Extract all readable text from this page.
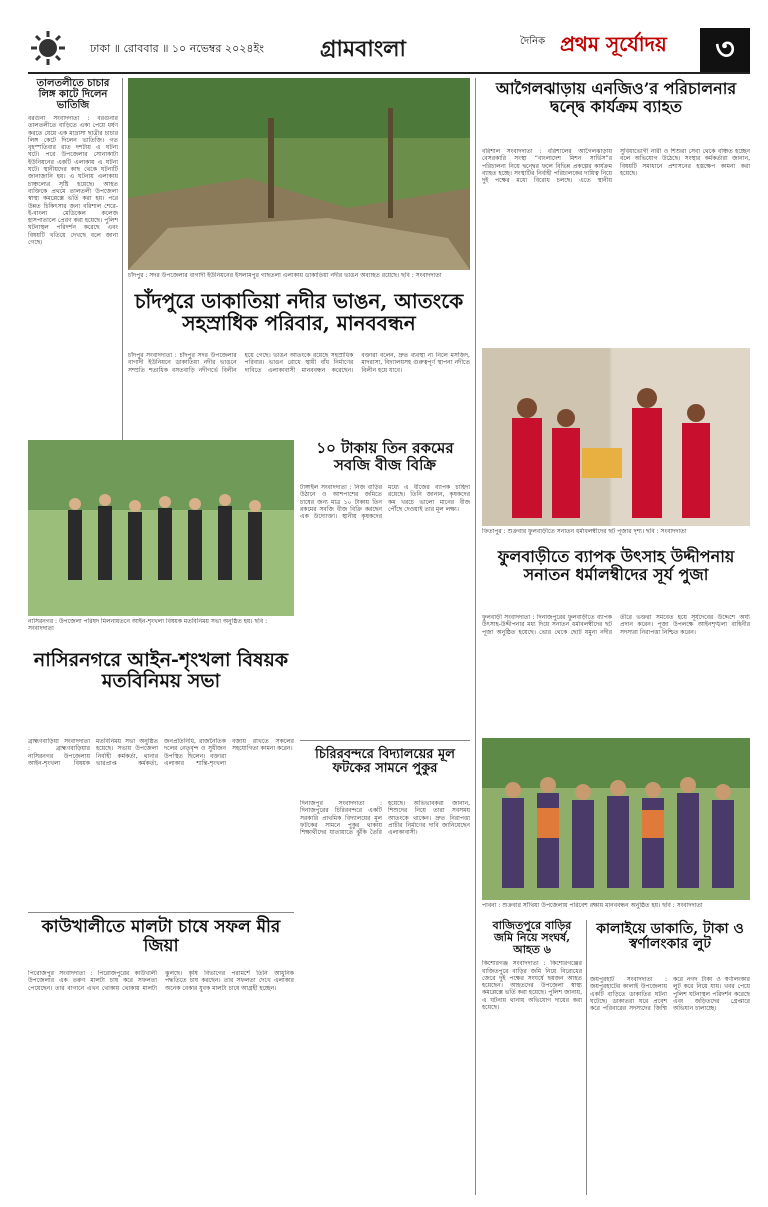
ঢাকা ॥ রোববার ॥ ১০ নভেম্বর ২০২৪ইং	গ্রামবাংলা	দৈনিক প্রথম সূর্যোদয়	৩
তালতলীতে চাচার লিঙ্গ কাটে দিলেন ভাতিজি
বরগুনা সংবাদদাতা : বরগুনার তালতলীতে বাড়িতে একা পেয়ে ধর্ষণ করতে যেয়ে এক মাদ্রাসা ছাত্রীর চাচার লিঙ্গ কেটে দিলেন ভাতিজি। গত বৃহস্পতিবার রাত দশটায় এ ঘটনা ঘটে। পরে উপজেলার সোনাকাটা ইউনিয়নের একটি এলাকায় এ ঘটনা ঘটে। স্থানীয়দের কাছ থেকে ঘটনাটি জানাজানি হয়। এ ঘটনায় এলাকায় চাঞ্চল্যের সৃষ্টি হয়েছে। আহত ব্যক্তিকে প্রথমে তালতলী উপজেলা স্বাস্থ্য কমপ্লেক্সে ভর্তি করা হয়। পরে উন্নত চিকিৎসার জন্য বরিশাল শেরে-ই-বাংলা মেডিকেল কলেজ হাসপাতালে প্রেরণ করা হয়েছে। পুলিশ ঘটনাস্থল পরিদর্শন করেছে এবং বিষয়টি খতিয়ে দেখছে বলে জানা গেছে।
চাঁদপুর : সদর উপজেলার বাগাদী ইউনিয়নের ইসলামপুর গাছতলা এলাকায় ডাকাতিয়া নদীর ভাঙন অব্যাহত রয়েছে। ছবি : সংবাদদাতা
চাঁদপুরে ডাকাতিয়া নদীর ভাঙন, আতংকে সহস্রাধিক পরিবার, মানববন্ধন
চাঁদপুর সংবাদদাতা : চাঁদপুর সদর উপজেলার বাগাদী ইউনিয়নে ডাকাতিয়া নদীর ভাঙনে সম্প্রতি শতাধিক বসতবাড়ি নদীগর্ভে বিলীন হয়ে গেছে। ভাঙন আতংকে রয়েছে সহস্রাধিক পরিবার। ভাঙন রোধে স্থায়ী বাঁধ নির্মাণের দাবিতে এলাকাবাসী মানববন্ধন করেছেন। বক্তারা বলেন, দ্রুত ব্যবস্থা না নিলে মসজিদ, মাদরাসা, বিদ্যালয়সহ গুরুত্বপূর্ণ স্থাপনা নদীতে বিলীন হয়ে যাবে।
১০ টাকায় তিন রকমের সবজি বীজ বিক্রি
টাঙ্গাইল সংবাদদাতা : নিজ বাড়ির উঠানে ও আশপাশের জমিতে চাষের জন্য মাত্র ১০ টাকায় তিন রকমের সবজি বীজ বিক্রি করছেন এক উদ্যোক্তা। স্থানীয় কৃষকদের মধ্যে এ বীজের ব্যাপক চাহিদা রয়েছে। তিনি জানান, কৃষকদের কম খরচে ভালো মানের বীজ পৌঁছে দেওয়াই তার মূল লক্ষ্য।
নাসিরনগর : উপজেলা পরিষদ মিলনায়তনে আইন-শৃংখলা বিষয়ক মতবিনিময় সভা অনুষ্ঠিত হয়। ছবি : সংবাদদাতা
নাসিরনগরে আইন-শৃংখলা বিষয়ক মতবিনিময় সভা
ব্রাহ্মণবাড়িয়া সংবাদদাতা : ব্রাহ্মণবাড়িয়ার নাসিরনগর উপজেলায় আইন-শৃংখলা বিষয়ক মতবিনিময় সভা অনুষ্ঠিত হয়েছে। সভায় উপজেলা নির্বাহী কর্মকর্তা, থানার ভারপ্রাপ্ত কর্মকর্তা, জনপ্রতিনিধি, রাজনৈতিক দলের নেতৃবৃন্দ ও সুধীজন উপস্থিত ছিলেন। বক্তারা এলাকার শান্তি-শৃংখলা বজায় রাখতে সকলের সহযোগিতা কামনা করেন।
কাউখালীতে মালটা চাষে সফল মীর জিয়া
পিরোজপুর সংবাদদাতা : পিরোজপুরের কাউখালী উপজেলার এক তরুণ মালটা চাষ করে সফলতা পেয়েছেন। তার বাগানে এখন থোকায় থোকায় মালটা ঝুলছে। কৃষি বিভাগের পরামর্শে তিনি আধুনিক পদ্ধতিতে চাষ করছেন। তার সফলতা দেখে এলাকার অনেক বেকার যুবক মালটা চাষে আগ্রহী হচ্ছেন।
চিরিরবন্দরে বিদ্যালয়ের মূল ফটকের সামনে পুকুর
দিনাজপুর সংবাদদাতা : দিনাজপুরের চিরিরবন্দরে একটি সরকারি প্রাথমিক বিদ্যালয়ের মূল ফটকের সামনে পুকুর থাকায় শিক্ষার্থীদের যাতায়াতে ঝুঁকি তৈরি হয়েছে। অভিভাবকরা জানান, শিশুদের নিয়ে তারা সবসময় আতংকে থাকেন। দ্রুত নিরাপত্তা প্রাচীর নির্মাণের দাবি জানিয়েছেন এলাকাবাসী।
আগৈলঝাড়ায় এনজিও’র পরিচালনার দ্বন্দ্বে কার্যক্রম ব্যাহত
বরিশাল সংবাদদাতা : বরিশালের আগৈলঝাড়ায় বেসরকারি সংস্থা “বাংলাদেশ মিশন সার্ভিস”র পরিচালনা নিয়ে দ্বন্দ্বের ফলে বিভিন্ন প্রকল্পের কার্যক্রম ব্যাহত হচ্ছে। সংস্থাটির নির্বাহী পরিচালকের দায়িত্ব নিয়ে দুই পক্ষের মধ্যে বিরোধ চলছে। এতে স্থানীয় সুবিধাভোগী নারী ও শিশুরা সেবা থেকে বঞ্চিত হচ্ছেন বলে অভিযোগ উঠেছে। সংস্থার কর্মকর্তারা জানান, বিষয়টি সমাধানে প্রশাসনের হস্তক্ষেপ কামনা করা হয়েছে।
ফিতাপুর : শুক্রবার ফুলবাড়ীতে সনাতন ধর্মাবলম্বীদের ছট পূজার দৃশ্য। ছবি : সংবাদদাতা
ফুলবাড়ীতে ব্যাপক উৎসাহ উদ্দীপনায় সনাতন ধর্মালম্বীদের সূর্য পুজা
ফুলবাড়ী সংবাদদাতা : দিনাজপুরের ফুলবাড়ীতে ব্যাপক উৎসাহ-উদ্দীপনার মধ্য দিয়ে সনাতন ধর্মাবলম্বীদের ছট পূজা অনুষ্ঠিত হয়েছে। ভোর থেকে ছোট যমুনা নদীর তীরে ভক্তরা সমবেত হয়ে সূর্যদেবের উদ্দেশে অর্ঘ্য প্রদান করেন। পূজা উপলক্ষে আইনশৃঙ্খলা বাহিনীর সদস্যরা নিরাপত্তা নিশ্চিত করেন।
পাবনা : শুক্রবার সাঁথিয়া উপজেলায় পরিবেশ রক্ষায় মানববন্ধন অনুষ্ঠিত হয়। ছবি : সংবাদদাতা
বাজিতপুরে বাড়ির জমি নিয়ে সংঘর্ষ, আহত ৬
কিশোরগঞ্জ সংবাদদাতা : কিশোরগঞ্জের বাজিতপুরে বাড়ির জমি নিয়ে বিরোধের জেরে দুই পক্ষের সংঘর্ষে ছয়জন আহত হয়েছেন। আহতদের উপজেলা স্বাস্থ্য কমপ্লেক্সে ভর্তি করা হয়েছে। পুলিশ জানায়, এ ঘটনায় থানায় অভিযোগ দায়ের করা হয়েছে।
কালাইয়ে ডাকাতি, টাকা ও স্বর্ণালংকার লুট
জয়পুরহাট সংবাদদাতা : জয়পুরহাটের কালাই উপজেলায় একটি বাড়িতে ডাকাতির ঘটনা ঘটেছে। ডাকাতরা ঘরে প্রবেশ করে পরিবারের সদস্যদের জিম্মি করে নগদ টাকা ও স্বর্ণালংকার লুট করে নিয়ে যায়। খবর পেয়ে পুলিশ ঘটনাস্থল পরিদর্শন করেছে এবং জড়িতদের গ্রেপ্তারে অভিযান চালাচ্ছে।
